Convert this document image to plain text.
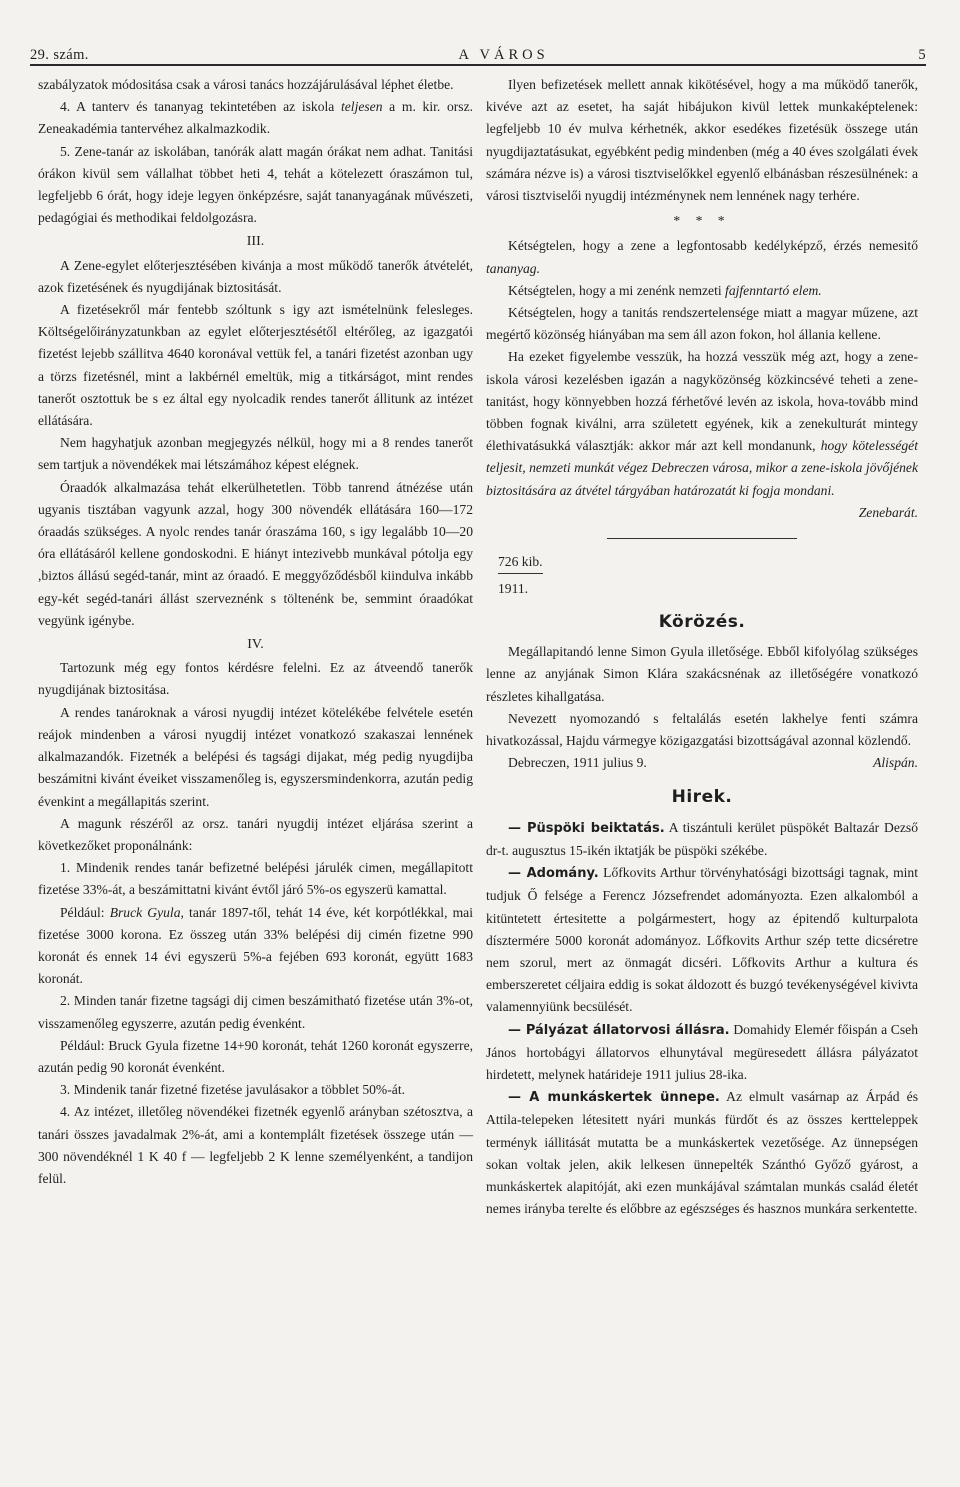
29. szám.	A VÁROS	5

szabályzatok módositása csak a városi tanács hozzájárulásával léphet életbe.

4. A tanterv és tananyag tekintetében az iskola teljesen a m. kir. orsz. Zeneakadémia tantervéhez alkalmazkodik.

5. Zene-tanár az iskolában, tanórák alatt magán órákat nem adhat. Tanitási órákon kivül sem vállalhat többet heti 4, tehát a kötelezett óraszámon tul, legfeljebb 6 órát, hogy ideje legyen önképzésre, saját tananyagának művészeti, pedagógiai és methodikai feldolgozásra.

III.

A Zene-egylet előterjesztésében kivánja a most működő tanerők átvételét, azok fizetésének és nyugdijának biztositását.

A fizetésekről már fentebb szóltunk s igy azt ismételnünk felesleges. Költségelőirányzatunkban az egylet előterjesztésétől eltérőleg, az igazgatói fizetést lejebb szállitva 4640 koronával vettük fel, a tanári fizetést azonban ugy a törzs fizetésnél, mint a lakbérnél emeltük, mig a titkárságot, mint rendes tanerőt osztottuk be s ez által egy nyolcadik rendes tanerőt állitunk az intézet ellátására.

Nem hagyhatjuk azonban megjegyzés nélkül, hogy mi a 8 rendes tanerőt sem tartjuk a növendékek mai létszámához képest elégnek.

Óraadók alkalmazása tehát elkerülhetetlen. Több tanrend átnézése után ugyanis tisztában vagyunk azzal, hogy 300 növendék ellátására 160—172 óraadás szükséges. A nyolc rendes tanár óraszáma 160, s igy legalább 10—20 óra ellátásáról kellene gondoskodni. E hiányt intezivebb munkával pótolja egy ,biztos állású segéd-tanár, mint az óraadó. E meggyőződésből kiindulva inkább egy-két segéd-tanári állást szerveznénk s töltenénk be, semmint óraadókat vegyünk igénybe.

IV.

Tartozunk még egy fontos kérdésre felelni. Ez az átveendő tanerők nyugdijának biztositása.

A rendes tanároknak a városi nyugdij intézet kötelékébe felvétele esetén reájok mindenben a városi nyugdij intézet vonatkozó szakaszai lennének alkalmazandók. Fizetnék a belépési és tagsági dijakat, még pedig nyugdijba beszámitni kivánt éveiket visszamenőleg is, egyszersmindenkorra, azután pedig évenkint a megállapitás szerint.

A magunk részéről az orsz. tanári nyugdij intézet eljárása szerint a következőket proponálnánk:

1. Mindenik rendes tanár befizetné belépési járulék cimen, megállapitott fizetése 33%-át, a beszámittatni kivánt évtől járó 5%-os egyszerü kamattal.

Például: Bruck Gyula, tanár 1897-től, tehát 14 éve, két korpótlékkal, mai fizetése 3000 korona. Ez összeg után 33% belépési dij cimén fizetne 990 koronát és ennek 14 évi egyszerü 5%-a fejében 693 koronát, együtt 1683 koronát.

2. Minden tanár fizetne tagsági dij cimen beszámitható fizetése után 3%-ot, visszamenőleg egyszerre, azután pedig évenként.

Például: Bruck Gyula fizetne 14+90 koronát, tehát 1260 koronát egyszerre, azután pedig 90 koronát évenként.

3. Mindenik tanár fizetné fizetése javulásakor a többlet 50%-át.

4. Az intézet, illetőleg növendékei fizetnék egyenlő arányban szétosztva, a tanári összes javadalmak 2%-át, ami a kontemplált fizetések összege után — 300 növendéknél 1 K 40 f — legfeljebb 2 K lenne személyenként, a tandijon felül.

Ilyen befizetések mellett annak kikötésével, hogy a ma működő tanerők, kivéve azt az esetet, ha saját hibájukon kivül lettek munkaképtelenek: legfeljebb 10 év mulva kérhetnék, akkor esedékes fizetésük összege után nyugdijaztatásukat, egyébként pedig mindenben (még a 40 éves szolgálati évek számára nézve is) a városi tisztviselőkkel egyenlő elbánásban részesülnének: a városi tisztviselői nyugdij intézménynek nem lennének nagy terhére.

* * *

Kétségtelen, hogy a zene a legfontosabb kedélyképző, érzés nemesitő tananyag.

Kétségtelen, hogy a mi zenénk nemzeti fajfenntartó elem.

Kétségtelen, hogy a tanitás rendszertelensége miatt a magyar műzene, azt megértő közönség hiányában ma sem áll azon fokon, hol állania kellene.

Ha ezeket figyelembe vesszük, ha hozzá vesszük még azt, hogy a zene-iskola városi kezelésben igazán a nagyközönség közkincsévé teheti a zene-tanitást, hogy könnyebben hozzá férhetővé levén az iskola, hova-tovább mind többen fognak kiválni, arra született egyének, kik a zenekulturát mintegy élethivatásukká választják: akkor már azt kell mondanunk, hogy kötelességét teljesit, nemzeti munkát végez Debreczen városa, mikor a zene-iskola jövőjének biztositására az átvétel tárgyában határozatát ki fogja mondani.

Zenebarát.
726 kib.
1911.
Körözés.

Megállapitandó lenne Simon Gyula illetősége. Ebből kifolyólag szükséges lenne az anyjának Simon Klára szakácsnénak az illetőségére vonatkozó részletes kihallgatása.

Nevezett nyomozandó s feltalálás esetén lakhelye fenti számra hivatkozással, Hajdu vármegye közigazgatási bizottságával azonnal közlendő.

Debreczen, 1911 julius 9.	Alispán.
Hirek.

— Püspöki beiktatás. A tiszántuli kerület püspökét Baltazár Dezső dr-t. augusztus 15-ikén iktatják be püspöki székébe.

— Adomány. Lőfkovits Arthur törvényhatósági bizottsági tagnak, mint tudjuk Ő felsége a Ferencz Józsefrendet adományozta. Ezen alkalomból a kitüntetett értesitette a polgármestert, hogy az épitendő kulturpalota dísztermére 5000 koronát adományoz. Lőfkovits Arthur szép tette dicséretre nem szorul, mert az önmagát dicséri. Lőfkovits Arthur a kultura és emberszeretet céljaira eddig is sokat áldozott és buzgó tevékenységével kivivta valamennyiünk becsülését.

— Pályázat állatorvosi állásra. Domahidy Elemér főispán a Cseh János hortobágyi állatorvos elhunytával megüresedett állásra pályázatot hirdetett, melynek határideje 1911 julius 28-ika.

— A munkáskertek ünnepe. Az elmult vasárnap az Árpád és Attila-telepeken létesitett nyári munkás fürdőt és az összes kertteleppek terményk iállitását mutatta be a munkáskertek vezetősége. Az ünnepségen sokan voltak jelen, akik lelkesen ünnepelték Szánthó Győző gyárost, a munkáskertek alapitóját, aki ezen munkájával számtalan munkás család életét nemes irányba terelte és előbbre az egészséges és hasznos munkára serkentette.
